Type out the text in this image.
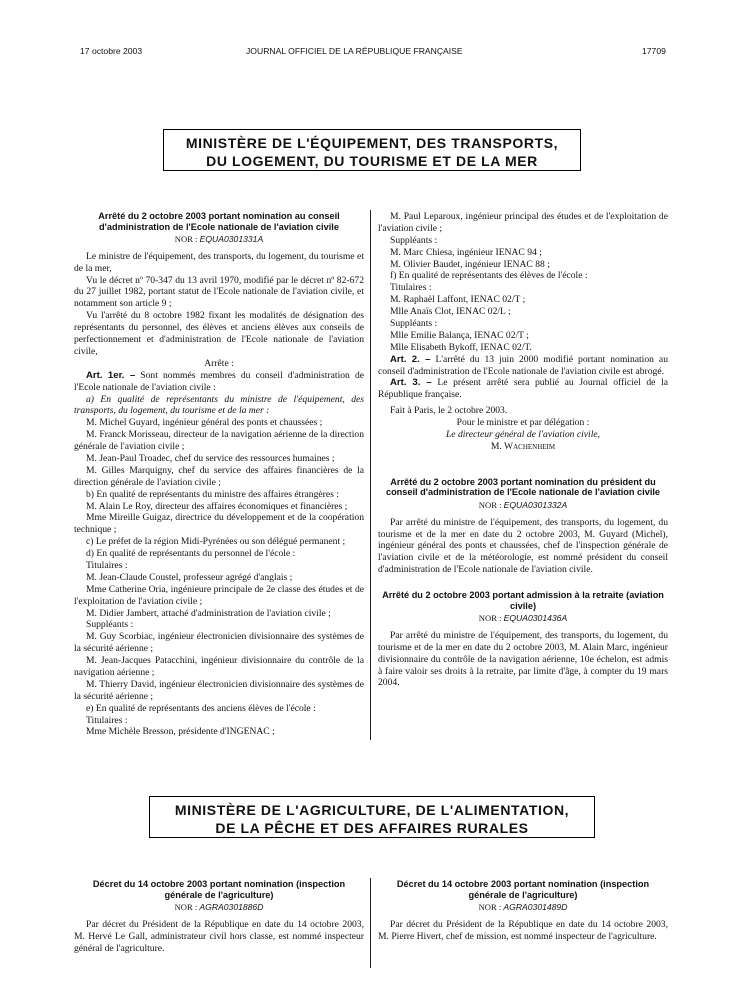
17 octobre 2003	JOURNAL OFFICIEL DE LA RÉPUBLIQUE FRANÇAISE	17709
MINISTÈRE DE L'ÉQUIPEMENT, DES TRANSPORTS,
DU LOGEMENT, DU TOURISME ET DE LA MER
Arrêté du 2 octobre 2003 portant nomination au conseil d'administration de l'Ecole nationale de l'aviation civile
NOR : EQUA0301331A

Le ministre de l'équipement, des transports, du logement, du tourisme et de la mer,

Vu le décret nº 70-347 du 13 avril 1970, modifié par le décret nº 82-672 du 27 juillet 1982, portant statut de l'Ecole nationale de l'aviation civile, et notamment son article 9 ;

Vu l'arrêté du 8 octobre 1982 fixant les modalités de désignation des représentants du personnel, des élèves et anciens élèves aux conseils de perfectionnement et d'administration de l'Ecole nationale de l'aviation civile,

Arrête :

Art. 1er. – Sont nommés membres du conseil d'administration de l'Ecole nationale de l'aviation civile :

a) En qualité de représentants du ministre de l'équipement, des transports, du logement, du tourisme et de la mer :

M. Michel Guyard, ingénieur général des ponts et chaussées ;

M. Franck Morisseau, directeur de la navigation aérienne de la direction générale de l'aviation civile ;

M. Jean-Paul Troadec, chef du service des ressources humaines ;

M. Gilles Marquigny, chef du service des affaires financières de la direction générale de l'aviation civile ;

b) En qualité de représentants du ministre des affaires étrangères :

M. Alain Le Roy, directeur des affaires économiques et financières ;

Mme Mireille Guigaz, directrice du développement et de la coopération technique ;

c) Le préfet de la région Midi-Pyrénées ou son délégué permanent ;

d) En qualité de représentants du personnel de l'école :

Titulaires :

M. Jean-Claude Coustel, professeur agrégé d'anglais ;

Mme Catherine Oria, ingénieure principale de 2e classe des études et de l'exploitation de l'aviation civile ;

M. Didier Jambert, attaché d'administration de l'aviation civile ;

Suppléants :

M. Guy Scorbiac, ingénieur électronicien divisionnaire des systèmes de la sécurité aérienne ;

M. Jean-Jacques Patacchini, ingénieur divisionnaire du contrôle de la navigation aérienne ;

M. Thierry David, ingénieur électronicien divisionnaire des systèmes de la sécurité aérienne ;

e) En qualité de représentants des anciens élèves de l'école :

Titulaires :

Mme Michèle Bresson, présidente d'INGENAC ;

M. Paul Leparoux, ingénieur principal des études et de l'exploitation de l'aviation civile ;

Suppléants :

M. Marc Chiesa, ingénieur IENAC 94 ;

M. Olivier Baudet, ingénieur IENAC 88 ;

f) En qualité de représentants des élèves de l'école :

Titulaires :

M. Raphaël Laffont, IENAC 02/T ;

Mlle Anaïs Clot, IENAC 02/L ;

Suppléants :

Mlle Emilie Balança, IENAC 02/T ;

Mlle Elisabeth Bykoff, IENAC 02/T.

Art. 2. – L'arrêté du 13 juin 2000 modifié portant nomination au conseil d'administration de l'Ecole nationale de l'aviation civile est abrogé.

Art. 3. – Le présent arrêté sera publié au Journal officiel de la République française.

Fait à Paris, le 2 octobre 2003.

Pour le ministre et par délégation :

Le directeur général de l'aviation civile,

M. Wachenheim

Arrêté du 2 octobre 2003 portant nomination du président du conseil d'administration de l'Ecole nationale de l'aviation civile
NOR : EQUA0301332A

Par arrêté du ministre de l'équipement, des transports, du logement, du tourisme et de la mer en date du 2 octobre 2003, M. Guyard (Michel), ingénieur général des ponts et chaussées, chef de l'inspection générale de l'aviation civile et de la météorologie, est nommé président du conseil d'administration de l'Ecole nationale de l'aviation civile.

Arrêté du 2 octobre 2003 portant admission à la retraite (aviation civile)
NOR : EQUA0301436A

Par arrêté du ministre de l'équipement, des transports, du logement, du tourisme et de la mer en date du 2 octobre 2003, M. Alain Marc, ingénieur divisionnaire du contrôle de la navigation aérienne, 10e échelon, est admis à faire valoir ses droits à la retraite, par limite d'âge, à compter du 19 mars 2004.

MINISTÈRE DE L'AGRICULTURE, DE L'ALIMENTATION,
DE LA PÊCHE ET DES AFFAIRES RURALES
Décret du 14 octobre 2003 portant nomination (inspection générale de l'agriculture)
NOR : AGRA0301886D

Par décret du Président de la République en date du 14 octobre 2003, M. Hervé Le Gall, administrateur civil hors classe, est nommé inspecteur général de l'agriculture.

Décret du 14 octobre 2003 portant nomination (inspection générale de l'agriculture)
NOR : AGRA0301489D

Par décret du Président de la République en date du 14 octobre 2003, M. Pierre Hivert, chef de mission, est nommé inspecteur de l'agriculture.
